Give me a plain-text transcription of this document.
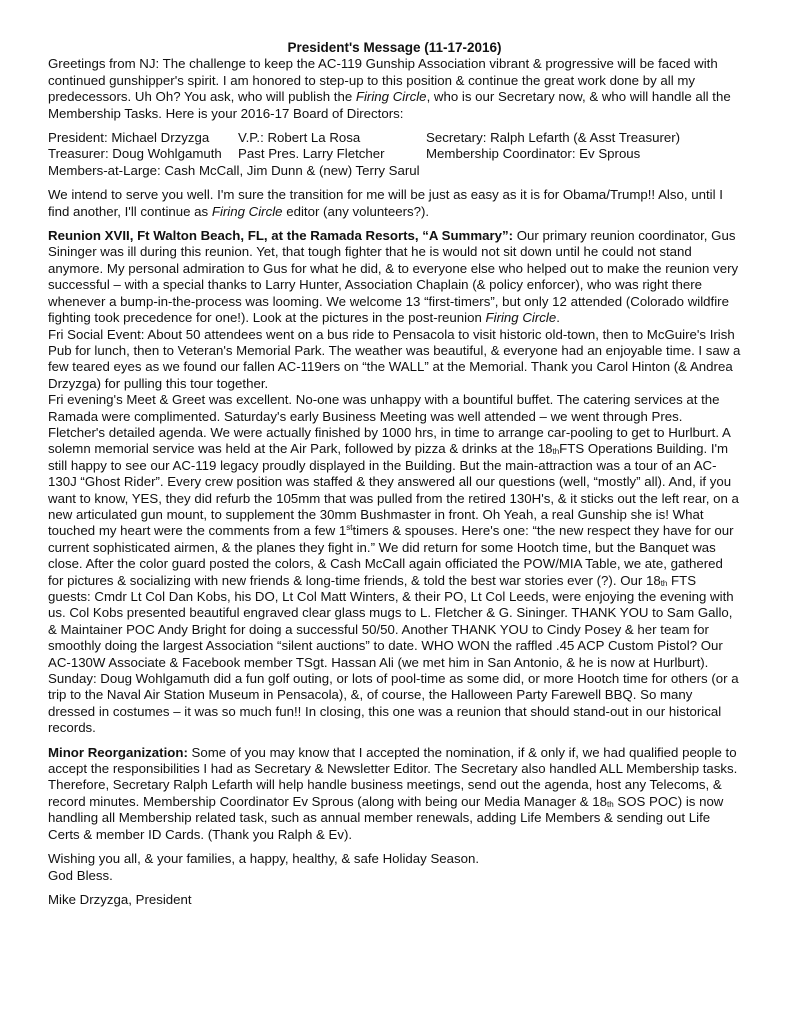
President's Message (11-17-2016)

Greetings from NJ: The challenge to keep the AC-119 Gunship Association vibrant & progressive will be faced with continued gunshipper's spirit. I am honored to step-up to this position & continue the great work done by all my predecessors. Uh Oh? You ask, who will publish the Firing Circle, who is our Secretary now, & who will handle all the Membership Tasks. Here is your 2016-17 Board of Directors:

President: Michael Drzyzga	V.P.: Robert La Rosa	Secretary: Ralph Lefarth (& Asst Treasurer)
Treasurer: Doug Wohlgamuth	Past Pres. Larry Fletcher	Membership Coordinator: Ev Sprous
Members-at-Large: Cash McCall, Jim Dunn & (new) Terry Sarul

We intend to serve you well. I'm sure the transition for me will be just as easy as it is for Obama/Trump!! Also, until I find another, I'll continue as Firing Circle editor (any volunteers?).

Reunion XVII, Ft Walton Beach, FL, at the Ramada Resorts, “A Summary”: Our primary reunion coordinator, Gus Sininger was ill during this reunion. Yet, that tough fighter that he is would not sit down until he could not stand anymore. My personal admiration to Gus for what he did, & to everyone else who helped out to make the reunion very successful – with a special thanks to Larry Hunter, Association Chaplain (& policy enforcer), who was right there whenever a bump-in-the-process was looming. We welcome 13 “first-timers”, but only 12 attended (Colorado wildfire fighting took precedence for one!). Look at the pictures in the post-reunion Firing Circle.

Fri Social Event: About 50 attendees went on a bus ride to Pensacola to visit historic old-town, then to McGuire's Irish Pub for lunch, then to Veteran's Memorial Park. The weather was beautiful, & everyone had an enjoyable time. I saw a few teared eyes as we found our fallen AC-119ers on “the WALL” at the Memorial. Thank you Carol Hinton (& Andrea Drzyzga) for pulling this tour together.

Fri evening's Meet & Greet was excellent. No-one was unhappy with a bountiful buffet. The catering services at the Ramada were complimented. Saturday's early Business Meeting was well attended – we went through Pres. Fletcher's detailed agenda. We were actually finished by 1000 hrs, in time to arrange car-pooling to get to Hurlburt. A solemn memorial service was held at the Air Park, followed by pizza & drinks at the $18_{th}FTS$ Operations Building. I'm still happy to see our AC-119 legacy proudly displayed in the Building. But the main-attraction was a tour of an AC-130J “Ghost Rider”. Every crew position was staffed & they answered all our questions (well, “mostly” all). And, if you want to know, YES, they did refurb the 105mm that was pulled from the retired 130H's, & it sticks out the left rear, on a new articulated gun mount, to supplement the 30mm Bushmaster in front. Oh Yeah, a real Gunship she is! What touched my heart were the comments from a few 1sttimers & spouses. Here's one: “the new respect they have for our current sophisticated airmen, & the planes they fight in.” We did return for some Hootch time, but the Banquet was close. After the color guard posted the colors, & Cash McCall again officiated the POW/MIA Table, we ate, gathered for pictures & socializing with new friends & long-time friends, & told the best war stories ever (?). Our $18_{th}$ FTS guests: Cmdr Lt Col Dan Kobs, his DO, Lt Col Matt Winters, & their PO, Lt Col Leeds, were enjoying the evening with us. Col Kobs presented beautiful engraved clear glass mugs to L. Fletcher & G. Sininger. THANK YOU to Sam Gallo, & Maintainer POC Andy Bright for doing a successful 50/50. Another THANK YOU to Cindy Posey & her team for smoothly doing the largest Association “silent auctions” to date. WHO WON the raffled .45 ACP Custom Pistol? Our AC-130W Associate & Facebook member TSgt. Hassan Ali (we met him in San Antonio, & he is now at Hurlburt). Sunday: Doug Wohlgamuth did a fun golf outing, or lots of pool-time as some did, or more Hootch time for others (or a trip to the Naval Air Station Museum in Pensacola), &, of course, the Halloween Party Farewell BBQ. So many dressed in costumes – it was so much fun!! In closing, this one was a reunion that should stand-out in our historical records.

Minor Reorganization: Some of you may know that I accepted the nomination, if & only if, we had qualified people to accept the responsibilities I had as Secretary & Newsletter Editor. The Secretary also handled ALL Membership tasks. Therefore, Secretary Ralph Lefarth will help handle business meetings, send out the agenda, host any Telecoms, & record minutes. Membership Coordinator Ev Sprous (along with being our Media Manager & $18_{th}$ SOS POC) is now handling all Membership related task, such as annual member renewals, adding Life Members & sending out Life Certs & member ID Cards. (Thank you Ralph & Ev).

Wishing you all, & your families, a happy, healthy, & safe Holiday Season.

God Bless.

Mike Drzyzga, President
